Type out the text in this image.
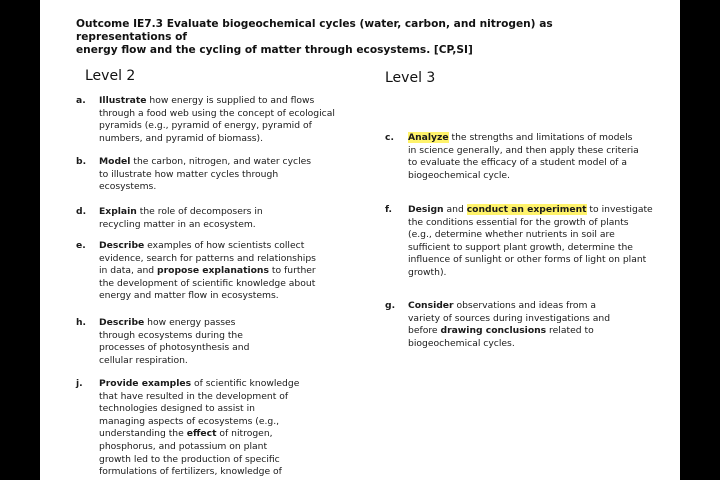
Outcome IE7.3 Evaluate biogeochemical cycles (water, carbon, and nitrogen) as representations of
energy flow and the cycling of matter through ecosystems. [CP,SI]
Level 2	Level 3
a. Illustrate how energy is supplied to and flows

through a food web using the concept of ecological

pyramids (e.g., pyramid of energy, pyramid of

numbers, and pyramid of biomass).

b. Model the carbon, nitrogen, and water cycles

to illustrate how matter cycles through

ecosystems.

d. Explain the role of decomposers in

recycling matter in an ecosystem.

e. Describe examples of how scientists collect

evidence, search for patterns and relationships

in data, and propose explanations to further

the development of scientific knowledge about

energy and matter flow in ecosystems.

h. Describe how energy passes

through ecosystems during the

processes of photosynthesis and

cellular respiration.

j. Provide examples of scientific knowledge

that have resulted in the development of

technologies designed to assist in

managing aspects of ecosystems (e.g.,

understanding the effect of nitrogen,

phosphorus, and potassium on plant

growth led to the production of specific

formulations of fertilizers, knowledge of

c. Analyze the strengths and limitations of models

in science generally, and then apply these criteria

to evaluate the efficacy of a student model of a

biogeochemical cycle.

f. Design and conduct an experiment to investigate

the conditions essential for the growth of plants

(e.g., determine whether nutrients in soil are

sufficient to support plant growth, determine the

influence of sunlight or other forms of light on plant

growth).

g. Consider observations and ideas from a

variety of sources during investigations and

before drawing conclusions related to

biogeochemical cycles.
